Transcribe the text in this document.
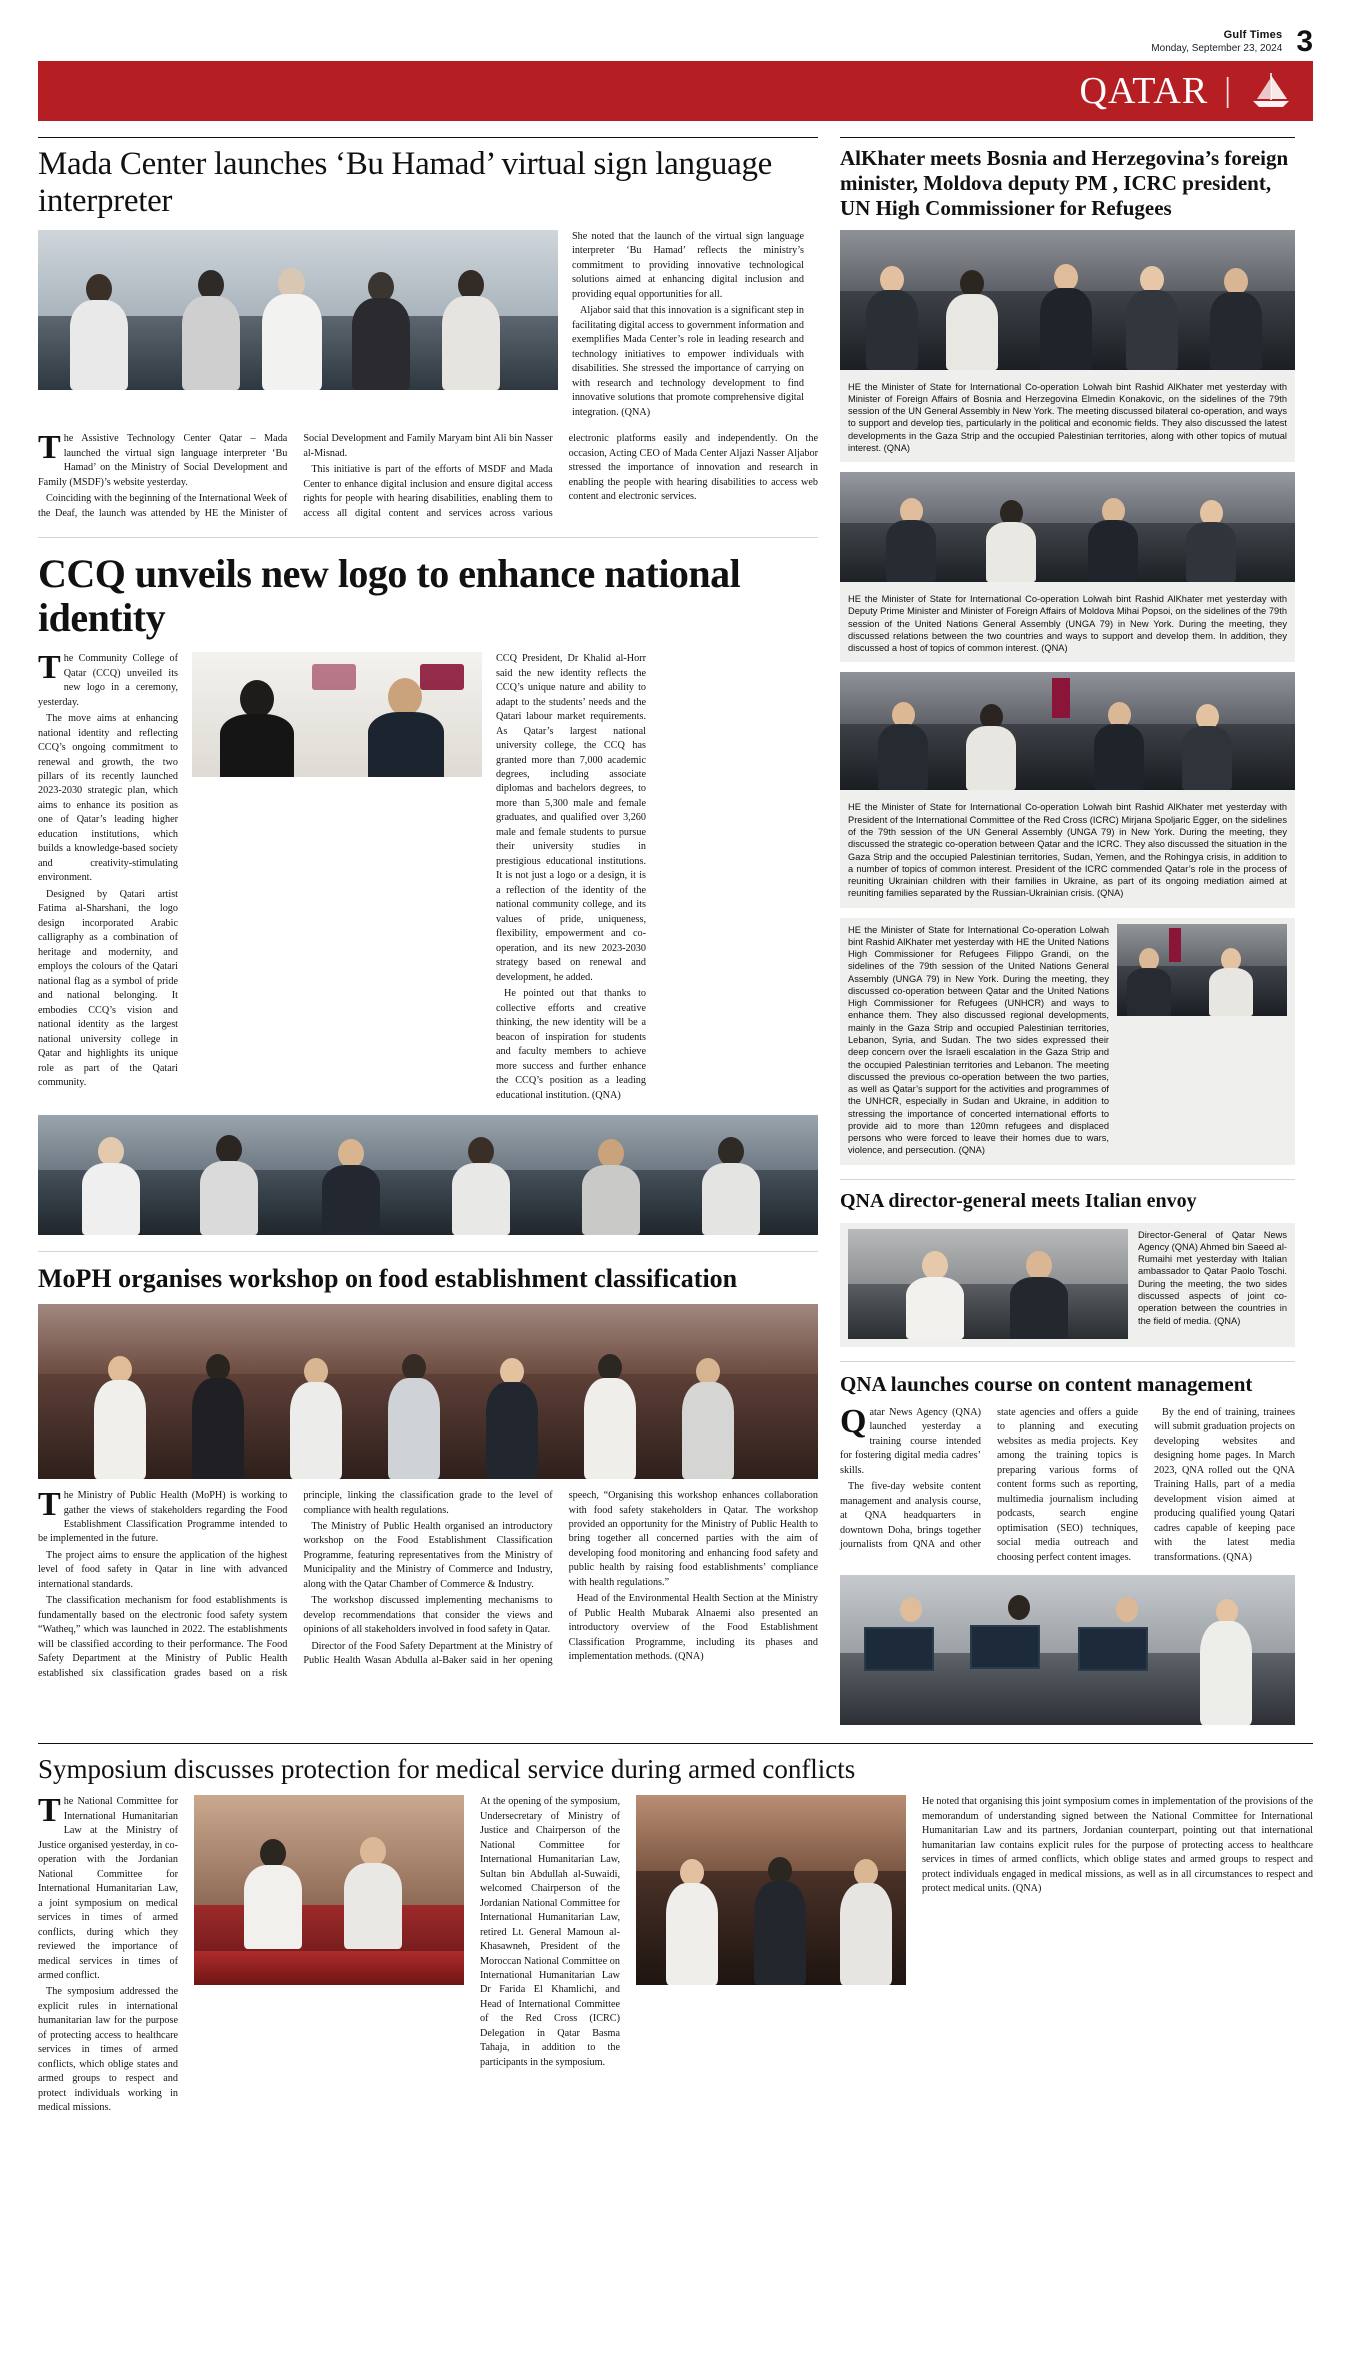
Gulf Times
Monday, September 23, 2024 3
QATAR |
Mada Center launches ‘Bu Hamad’ virtual sign language interpreter

She noted that the launch of the virtual sign language interpreter ‘Bu Hamad’ reflects the ministry’s commitment to providing innovative technological solutions aimed at enhancing digital inclusion and providing equal opportunities for all.

Aljabor said that this innovation is a significant step in facilitating digital access to government information and exemplifies Mada Center’s role in leading research and technology initiatives to empower individuals with disabilities. She stressed the importance of carrying on with research and technology development to find innovative solutions that promote comprehensive digital integration. (QNA)

The Assistive Technology Center Qatar – Mada launched the virtual sign language interpreter ‘Bu Hamad’ on the Ministry of Social Development and Family (MSDF)’s website yesterday.

Coinciding with the beginning of the International Week of the Deaf, the launch was attended by HE the Minister of Social Development and Family Maryam bint Ali bin Nasser al-Misnad.

This initiative is part of the efforts of MSDF and Mada Center to enhance digital inclusion and ensure digital access rights for people with hearing disabilities, enabling them to access all digital content and services across various electronic platforms easily and independently. On the occasion, Acting CEO of Mada Center Aljazi Nasser Aljabor stressed the importance of innovation and research in enabling the people with hearing disabilities to access web content and electronic services.

CCQ unveils new logo to enhance national identity

The Community College of Qatar (CCQ) unveiled its new logo in a ceremony, yesterday.

The move aims at enhancing national identity and reflecting CCQ’s ongoing commitment to renewal and growth, the two pillars of its recently launched 2023-2030 strategic plan, which aims to enhance its position as one of Qatar’s leading higher education institutions, which builds a knowledge-based society and creativity-stimulating environment.

Designed by Qatari artist Fatima al-Sharshani, the logo design incorporated Arabic calligraphy as a combination of heritage and modernity, and employs the colours of the Qatari national flag as a symbol of pride and national belonging. It embodies CCQ’s vision and national identity as the largest national university college in Qatar and highlights its unique role as part of the Qatari community.

CCQ President, Dr Khalid al-Horr said the new identity reflects the CCQ’s unique nature and ability to adapt to the students’ needs and the Qatari labour market requirements. As Qatar’s largest national university college, the CCQ has granted more than 7,000 academic degrees, including associate diplomas and bachelors degrees, to more than 5,300 male and female graduates, and qualified over 3,260 male and female students to pursue their university studies in prestigious educational institutions. It is not just a logo or a design, it is a reflection of the identity of the national community college, and its values of pride, uniqueness, flexibility, empowerment and co-operation, and its new 2023-2030 strategy based on renewal and development, he added.

He pointed out that thanks to collective efforts and creative thinking, the new identity will be a beacon of inspiration for students and faculty members to achieve more success and further enhance the CCQ’s position as a leading educational institution. (QNA)

MoPH organises workshop on food establishment classification

The Ministry of Public Health (MoPH) is working to gather the views of stakeholders regarding the Food Establishment Classification Programme intended to be implemented in the future.

The project aims to ensure the application of the highest level of food safety in Qatar in line with advanced international standards.

The classification mechanism for food establishments is fundamentally based on the electronic food safety system “Watheq,” which was launched in 2022. The establishments will be classified according to their performance. The Food Safety Department at the Ministry of Public Health established six classification grades based on a risk principle, linking the classification grade to the level of compliance with health regulations.

The Ministry of Public Health organised an introductory workshop on the Food Establishment Classification Programme, featuring representatives from the Ministry of Municipality and the Ministry of Commerce and Industry, along with the Qatar Chamber of Commerce & Industry.

The workshop discussed implementing mechanisms to develop recommendations that consider the views and opinions of all stakeholders involved in food safety in Qatar.

Director of the Food Safety Department at the Ministry of Public Health Wasan Abdulla al-Baker said in her opening speech, “Organising this workshop enhances collaboration with food safety stakeholders in Qatar. The workshop provided an opportunity for the Ministry of Public Health to bring together all concerned parties with the aim of developing food monitoring and enhancing food safety and public health by raising food establishments’ compliance with health regulations.”

Head of the Environmental Health Section at the Ministry of Public Health Mubarak Alnaemi also presented an introductory overview of the Food Establishment Classification Programme, including its phases and implementation methods. (QNA)

AlKhater meets Bosnia and Herzegovina’s foreign minister, Moldova deputy PM , ICRC president, UN High Commissioner for Refugees
HE the Minister of State for International Co-operation Lolwah bint Rashid AlKhater met yesterday with Minister of Foreign Affairs of Bosnia and Herzegovina Elmedin Konakovic, on the sidelines of the 79th session of the UN General Assembly in New York. The meeting discussed bilateral co-operation, and ways to support and develop ties, particularly in the political and economic fields. They also discussed the latest developments in the Gaza Strip and the occupied Palestinian territories, along with other topics of mutual interest. (QNA)
HE the Minister of State for International Co-operation Lolwah bint Rashid AlKhater met yesterday with Deputy Prime Minister and Minister of Foreign Affairs of Moldova Mihai Popsoi, on the sidelines of the 79th session of the United Nations General Assembly (UNGA 79) in New York. During the meeting, they discussed relations between the two countries and ways to support and develop them. In addition, they discussed a host of topics of common interest. (QNA)
HE the Minister of State for International Co-operation Lolwah bint Rashid AlKhater met yesterday with President of the International Committee of the Red Cross (ICRC) Mirjana Spoljaric Egger, on the sidelines of the 79th session of the UN General Assembly (UNGA 79) in New York. During the meeting, they discussed the strategic co-operation between Qatar and the ICRC. They also discussed the situation in the Gaza Strip and the occupied Palestinian territories, Sudan, Yemen, and the Rohingya crisis, in addition to a number of topics of common interest. President of the ICRC commended Qatar’s role in the process of reuniting Ukrainian children with their families in Ukraine, as part of its ongoing mediation aimed at reuniting families separated by the Russian-Ukrainian crisis. (QNA)
HE the Minister of State for International Co-operation Lolwah bint Rashid AlKhater met yesterday with HE the United Nations High Commissioner for Refugees Filippo Grandi, on the sidelines of the 79th session of the United Nations General Assembly (UNGA 79) in New York. During the meeting, they discussed co-operation between Qatar and the United Nations High Commissioner for Refugees (UNHCR) and ways to enhance them. They also discussed regional developments, mainly in the Gaza Strip and occupied Palestinian territories, Lebanon, Syria, and Sudan. The two sides expressed their deep concern over the Israeli escalation in the Gaza Strip and the occupied Palestinian territories and Lebanon. The meeting discussed the previous co-operation between the two parties, as well as Qatar’s support for the activities and programmes of the UNHCR, especially in Sudan and Ukraine, in addition to stressing the importance of concerted international efforts to provide aid to more than 120mn refugees and displaced persons who were forced to leave their homes due to wars, violence, and persecution. (QNA)
QNA director-general meets Italian envoy
Director-General of Qatar News Agency (QNA) Ahmed bin Saeed al-Rumaihi met yesterday with Italian ambassador to Qatar Paolo Toschi. During the meeting, the two sides discussed aspects of joint co-operation between the countries in the field of media. (QNA)
QNA launches course on content management

Qatar News Agency (QNA) launched yesterday a training course intended for fostering digital media cadres’ skills.

The five-day website content management and analysis course, at QNA headquarters in downtown Doha, brings together journalists from QNA and other state agencies and offers a guide to planning and executing websites as media projects. Key among the training topics is preparing various forms of content forms such as reporting, multimedia journalism including podcasts, search engine optimisation (SEO) techniques, social media outreach and choosing perfect content images.

By the end of training, trainees will submit graduation projects on developing websites and designing home pages. In March 2023, QNA rolled out the QNA Training Halls, part of a media development vision aimed at producing qualified young Qatari cadres capable of keeping pace with the latest media transformations. (QNA)

Symposium discusses protection for medical service during armed conflicts

The National Committee for International Humanitarian Law at the Ministry of Justice organised yesterday, in co-operation with the Jordanian National Committee for International Humanitarian Law, a joint symposium on medical services in times of armed conflicts, during which they reviewed the importance of medical services in times of armed conflict.

The symposium addressed the explicit rules in international humanitarian law for the purpose of protecting access to healthcare services in times of armed conflicts, which oblige states and armed groups to respect and protect individuals working in medical missions.

At the opening of the symposium, Undersecretary of Ministry of Justice and Chairperson of the National Committee for International Humanitarian Law, Sultan bin Abdullah al-Suwaidi, welcomed Chairperson of the Jordanian National Committee for International Humanitarian Law, retired Lt. General Mamoun al-Khasawneh, President of the Moroccan National Committee on International Humanitarian Law Dr Farida El Khamlichi, and Head of International Committee of the Red Cross (ICRC) Delegation in Qatar Basma Tahaja, in addition to the participants in the symposium.

He noted that organising this joint symposium comes in implementation of the provisions of the memorandum of understanding signed between the National Committee for International Humanitarian Law and its partners, Jordanian counterpart, pointing out that international humanitarian law contains explicit rules for the purpose of protecting access to healthcare services in times of armed conflicts, which oblige states and armed groups to respect and protect individuals engaged in medical missions, as well as in all circumstances to respect and protect medical units. (QNA)
